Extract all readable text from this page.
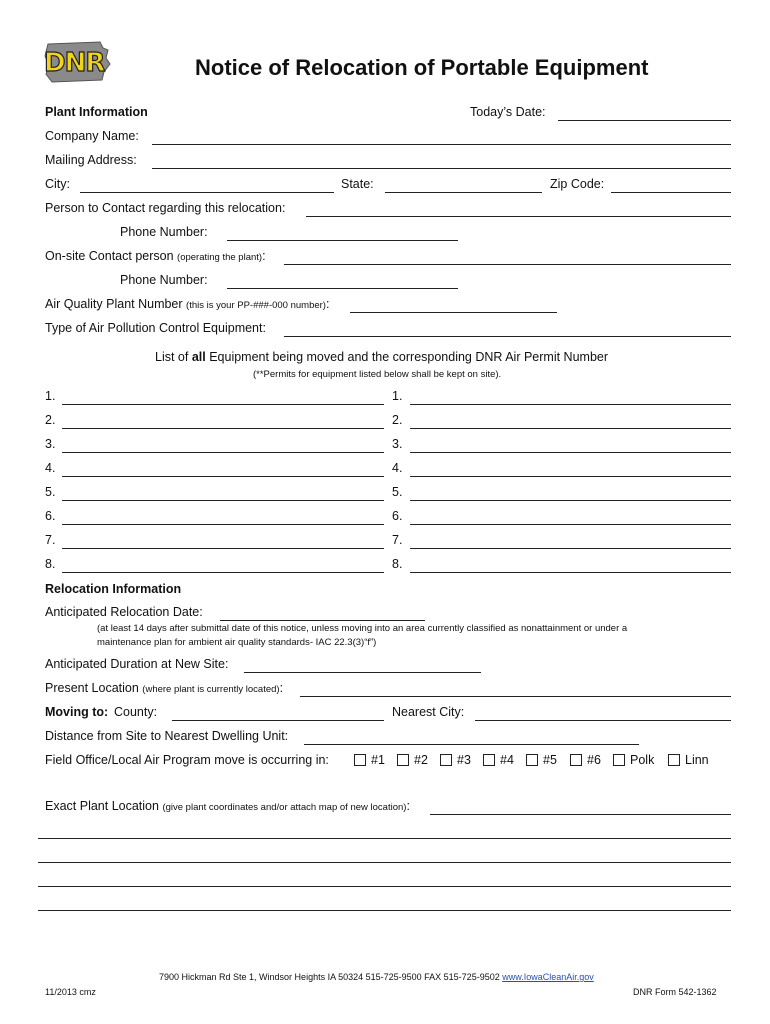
DNR	Notice of Relocation of Portable Equipment
Plant Information	Today’s Date:
Company Name:
Mailing Address:
City:	State:	Zip Code:
Person to Contact regarding this relocation:
Phone Number:
On-site Contact person (operating the plant):
Phone Number:
Air Quality Plant Number (this is your PP-###-000 number):
Type of Air Pollution Control Equipment:
List of all Equipment being moved and the corresponding DNR Air Permit Number
(**Permits for equipment listed below shall be kept on site).
1.	1.
2.	2.
3.	3.
4.	4.
5.	5.
6.	6.
7.	7.
8.	8.
Relocation Information
Anticipated Relocation Date:
(at least 14 days after submittal date of this notice, unless moving into an area currently classified as nonattainment or under a
maintenance plan for ambient air quality standards- IAC 22.3(3)“f”)
Anticipated Duration at New Site:
Present Location (where plant is currently located):
Moving to: County:	Nearest City:
Distance from Site to Nearest Dwelling Unit:
Field Office/Local Air Program move is occurring in:	#1 #2 #3 #4 #5 #6 Polk Linn
Exact Plant Location (give plant coordinates and/or attach map of new location):
7900 Hickman Rd Ste 1, Windsor Heights IA 50324 515-725-9500 FAX 515-725-9502 www.IowaCleanAir.gov
11/2013 cmz	DNR Form 542-1362
